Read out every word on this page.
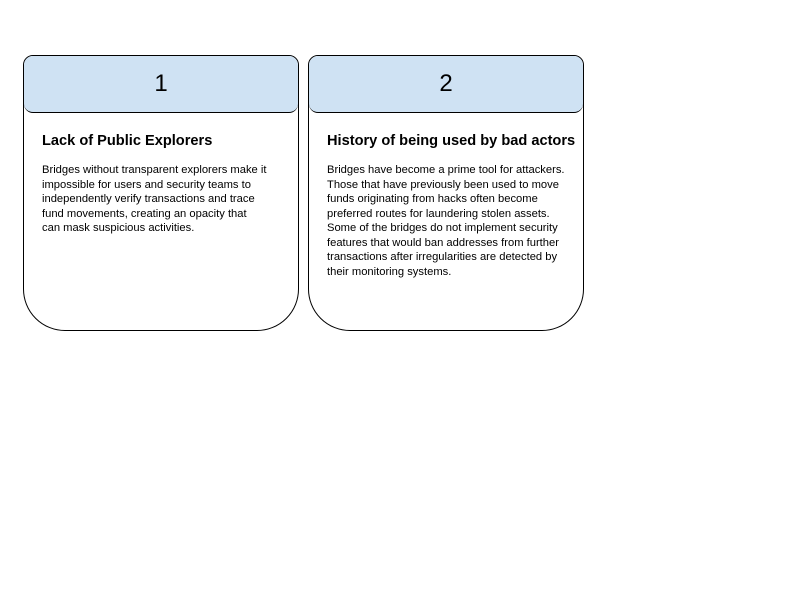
1
Lack of Public Explorers

Bridges without transparent explorers make it
impossible for users and security teams to
independently verify transactions and trace
fund movements, creating an opacity that
can mask suspicious activities.

2
History of being used by bad actors

Bridges have become a prime tool for attackers.
Those that have previously been used to move
funds originating from hacks often become
preferred routes for laundering stolen assets.
Some of the bridges do not implement security
features that would ban addresses from further
transactions after irregularities are detected by
their monitoring systems.
